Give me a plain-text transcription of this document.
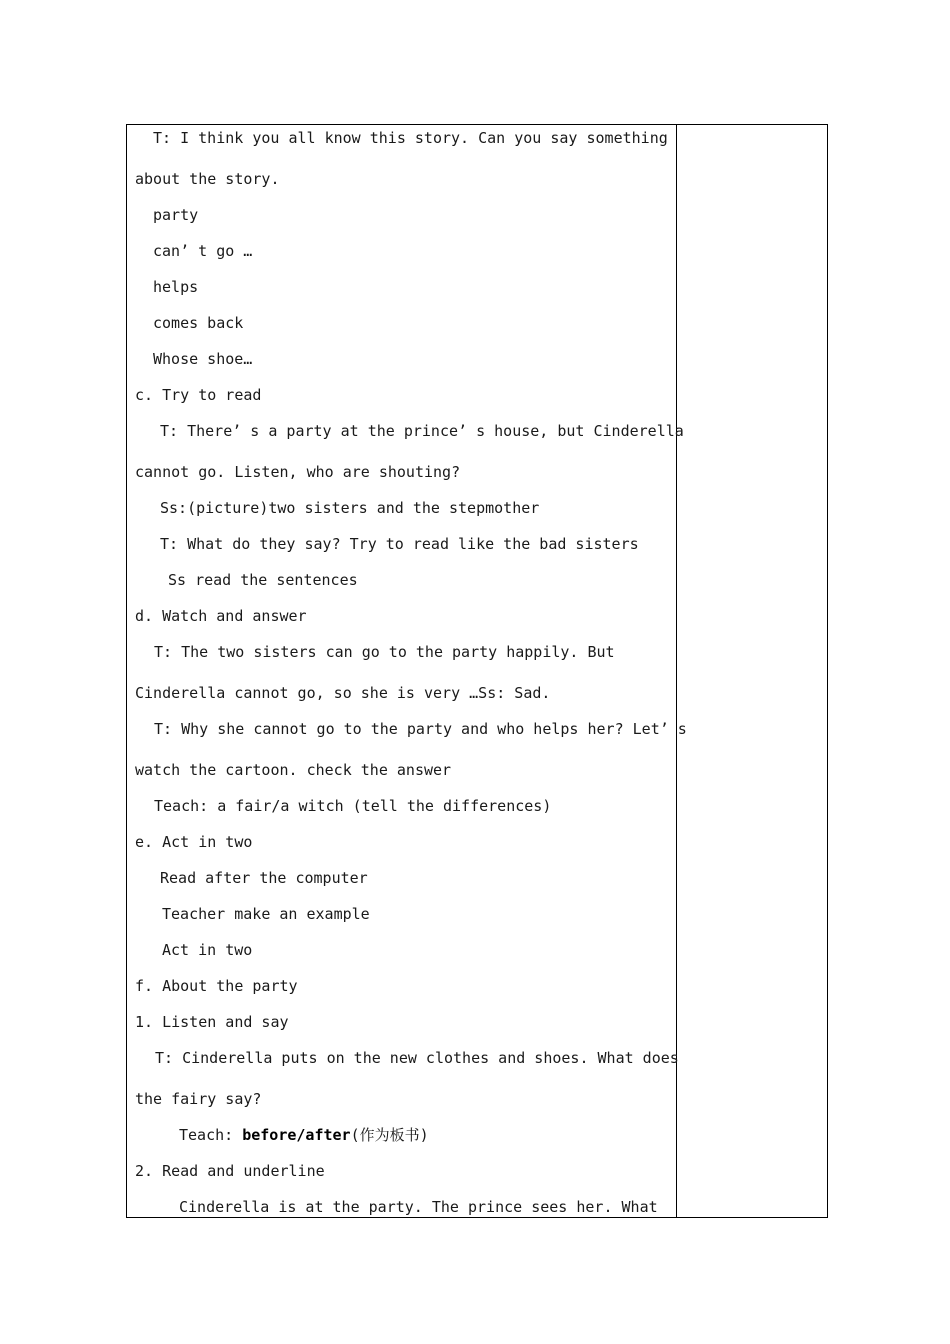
T: I think you all know this story. Can you say something
about the story.
party
can’ t go …
helps
comes back
Whose shoe…
c. Try to read
T: There’ s a party at the prince’ s house, but Cinderella
cannot go. Listen, who are shouting?
Ss:(picture)two sisters and the stepmother
T: What do they say? Try to read like the bad sisters
Ss read the sentences
d. Watch and answer
T: The two sisters can go to the party happily. But
Cinderella cannot go, so she is very …Ss: Sad.
T: Why she cannot go to the party and who helps her? Let’ s
watch the cartoon. check the answer
Teach: a fair/a witch (tell the differences)
e. Act in two
Read after the computer
Teacher make an example
Act in two
f. About the party
1. Listen and say
T: Cinderella puts on the new clothes and shoes. What does
the fairy say?
Teach: before/after(作为板书)
2. Read and underline
Cinderella is at the party. The prince sees her. What
